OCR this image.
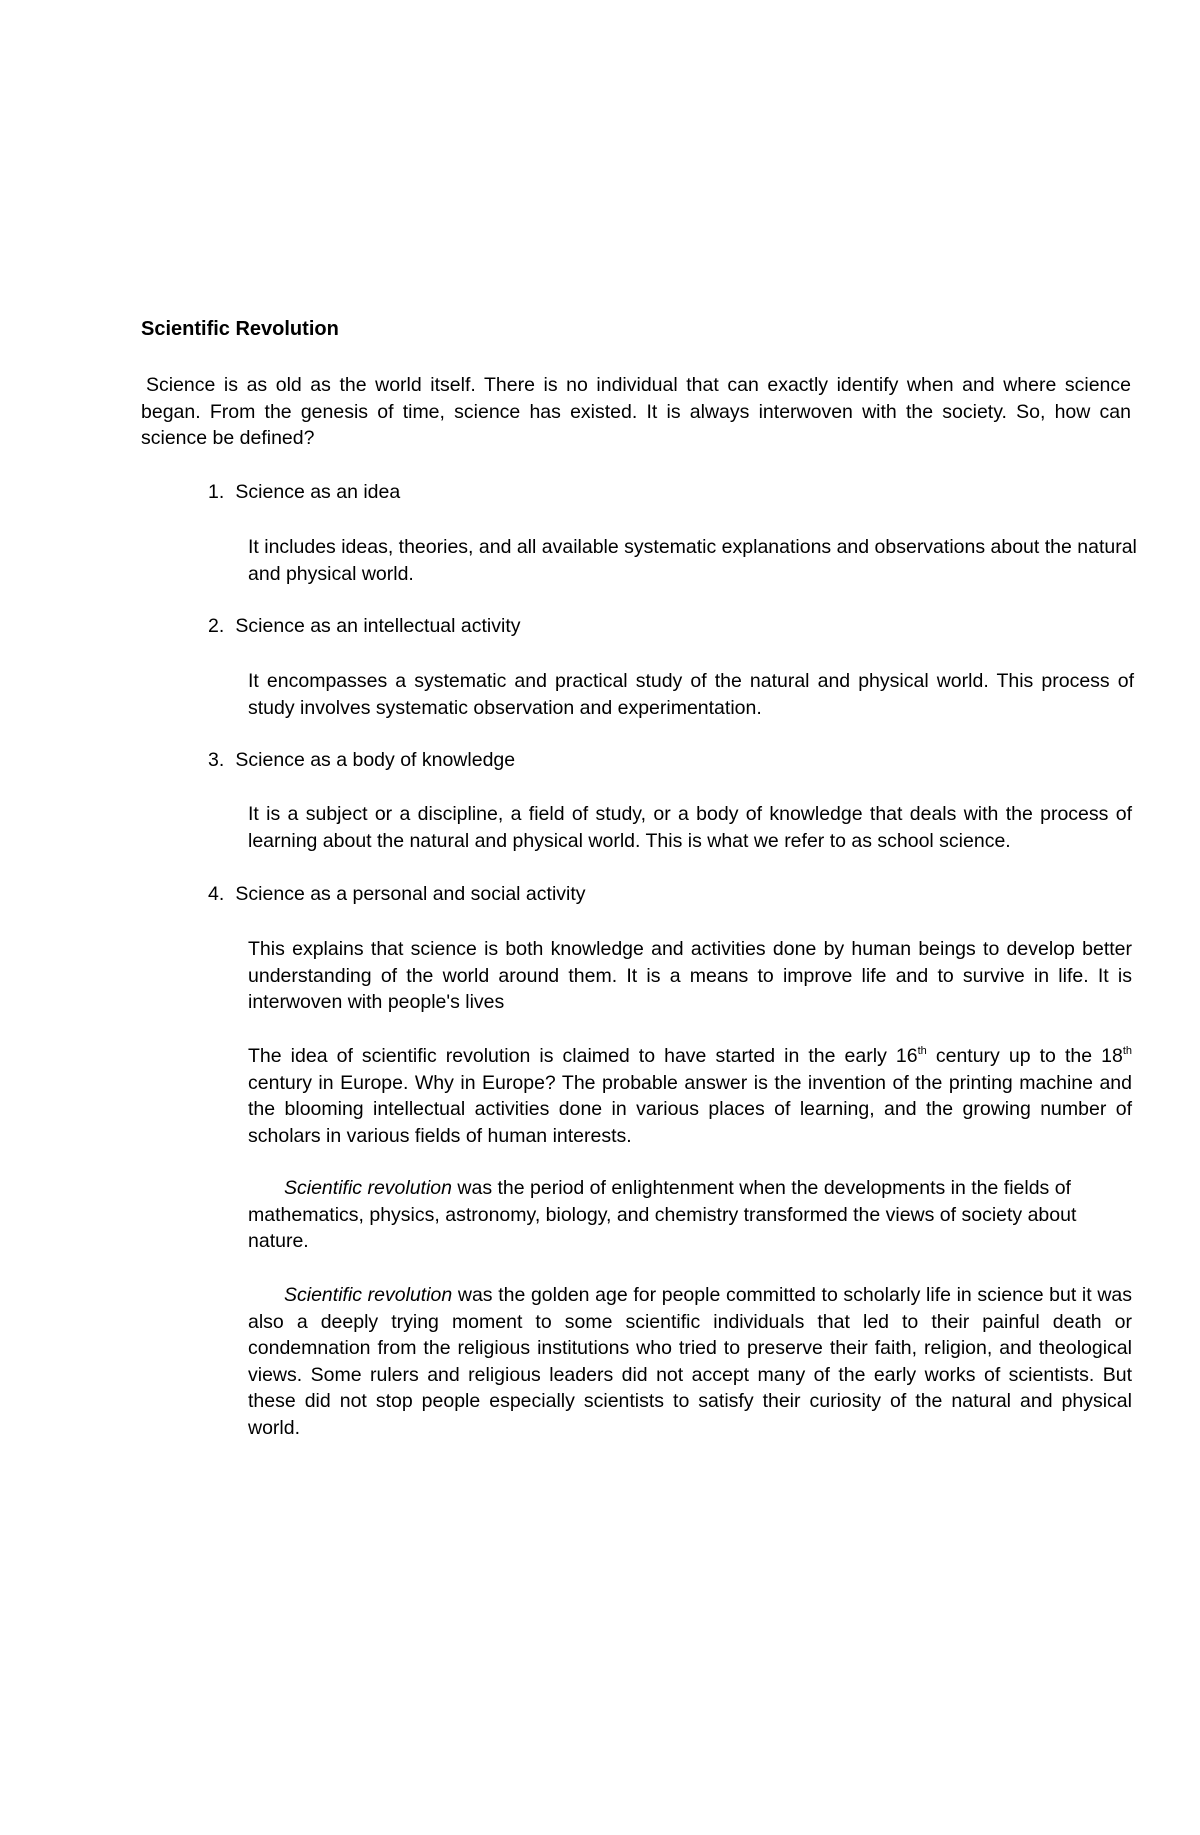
Scientific Revolution

Science is as old as the world itself. There is no individual that can exactly identify when and where science began. From the genesis of time, science has existed. It is always interwoven with the society. So, how can science be defined?

1. Science as an idea

It includes ideas, theories, and all available systematic explanations and observations about the natural and physical world.

2. Science as an intellectual activity

It encompasses a systematic and practical study of the natural and physical world. This process of study involves systematic observation and experimentation.

3. Science as a body of knowledge

It is a subject or a discipline, a field of study, or a body of knowledge that deals with the process of learning about the natural and physical world. This is what we refer to as school science.

4. Science as a personal and social activity

This explains that science is both knowledge and activities done by human beings to develop better understanding of the world around them. It is a means to improve life and to survive in life. It is interwoven with people's lives

The idea of scientific revolution is claimed to have started in the early 16th century up to the 18th century in Europe. Why in Europe? The probable answer is the invention of the printing machine and the blooming intellectual activities done in various places of learning, and the growing number of scholars in various fields of human interests.

Scientific revolution was the period of enlightenment when the developments in the fields of mathematics, physics, astronomy, biology, and chemistry transformed the views of society about nature.

Scientific revolution was the golden age for people committed to scholarly life in science but it was also a deeply trying moment to some scientific individuals that led to their painful death or condemnation from the religious institutions who tried to preserve their faith, religion, and theological views. Some rulers and religious leaders did not accept many of the early works of scientists. But these did not stop people especially scientists to satisfy their curiosity of the natural and physical world.
